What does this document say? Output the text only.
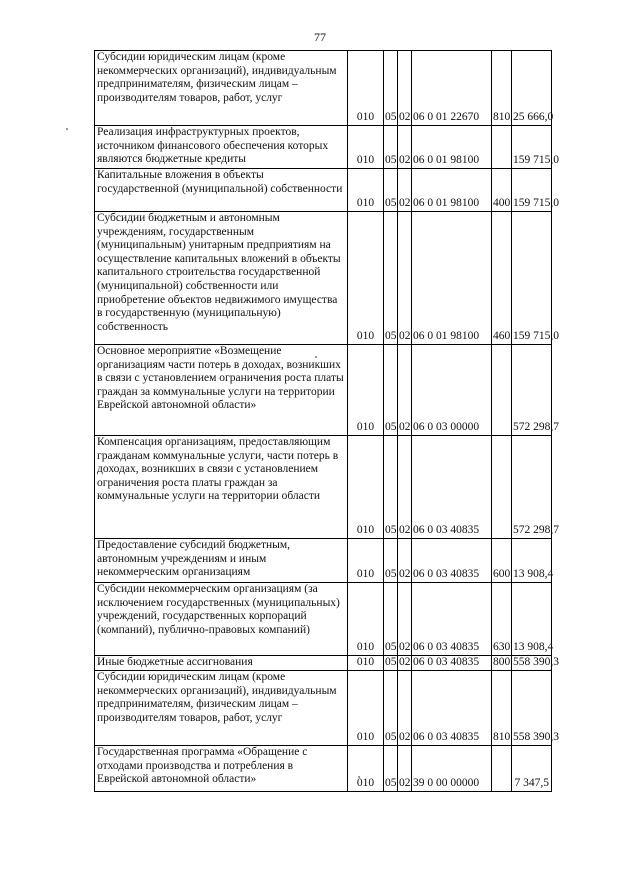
77
Субсидии юридическим лицам (кроме некоммерческих организаций), индивидуальным предпринимателям, физическим лицам – производителям товаров, работ, услуг	010	05	02	06 0 01 22670	810	25 666,0
Реализация инфраструктурных проектов, источником финансового обеспечения которых являются бюджетные кредиты	010	05	02	06 0 01 98100		159 715,0
Капитальные вложения в объекты государственной (муниципальной) собственности	010	05	02	06 0 01 98100	400	159 715,0
Субсидии бюджетным и автономным учреждениям, государственным (муниципальным) унитарным предприятиям на осуществление капитальных вложений в объекты капитального строительства государственной (муниципальной) собственности или приобретение объектов недвижимого имущества в государственную (муниципальную) собственность	010	05	02	06 0 01 98100	460	159 715,0
Основное мероприятие «Возмещение организациям части потерь в доходах, возникших в связи с установлением ограничения роста платы граждан за коммунальные услуги на территории Еврейской автономной области»	010	05	02	06 0 03 00000		572 298,7
Компенсация организациям, предоставляющим гражданам коммунальные услуги, части потерь в доходах, возникших в связи с установлением ограничения роста платы граждан за коммунальные услуги на территории области	010	05	02	06 0 03 40835		572 298,7
Предоставление субсидий бюджетным, автономным учреждениям и иным некоммерческим организациям	010	05	02	06 0 03 40835	600	13 908,4
Субсидии некоммерческим организациям (за исключением государственных (муниципальных) учреждений, государственных корпораций (компаний), публично-правовых компаний)	010	05	02	06 0 03 40835	630	13 908,4
Иные бюджетные ассигнования	010	05	02	06 0 03 40835	800	558 390,3
Субсидии юридическим лицам (кроме некоммерческих организаций), индивидуальным предпринимателям, физическим лицам – производителям товаров, работ, услуг	010	05	02	06 0 03 40835	810	558 390,3
Государственная программа «Обращение с отходами производства и потребления в Еврейской автономной области»	010	05	02	39 0 00 00000		7 347,5
